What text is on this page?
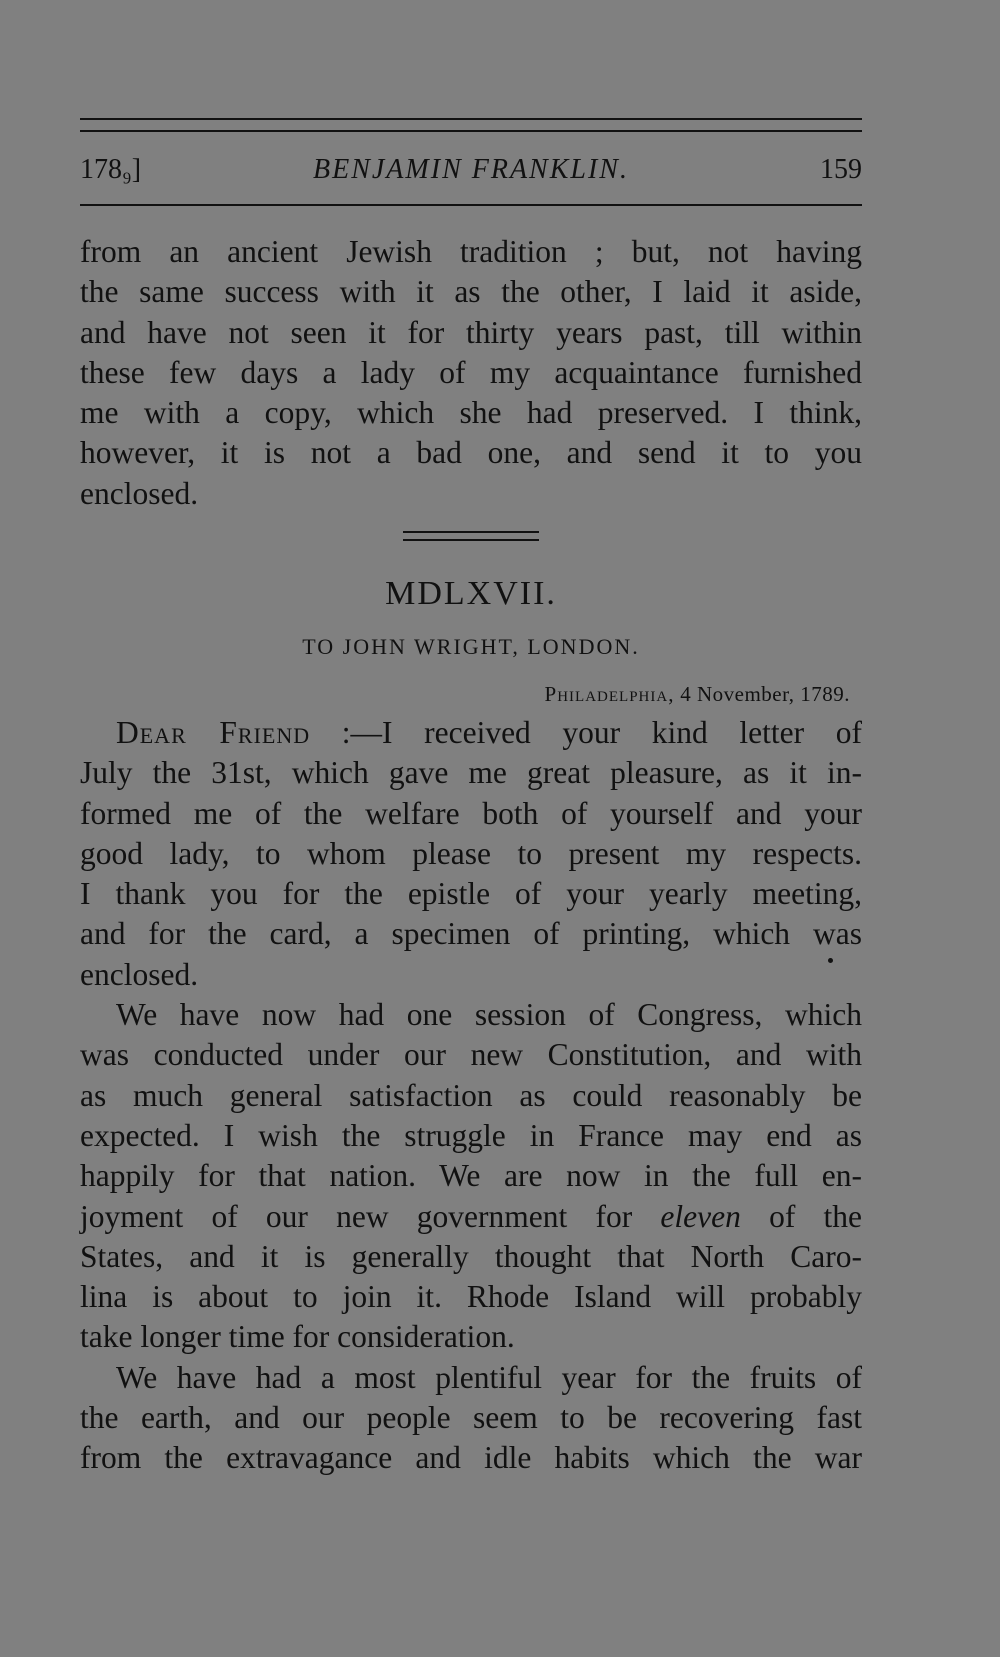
178₉]	BENJAMIN FRANKLIN.	159
from an ancient Jewish tradition ; but, not having
the same success with it as the other, I laid it aside,
and have not seen it for thirty years past, till within
these few days a lady of my acquaintance furnished
me with a copy, which she had preserved. I think,
however, it is not a bad one, and send it to you
enclosed.
MDLXVII.
TO JOHN WRIGHT, LONDON.
Philadelphia, 4 November, 1789.
Dear Friend :—I received your kind letter of
July the 31st, which gave me great pleasure, as it in-
formed me of the welfare both of yourself and your
good lady, to whom please to present my respects.
I thank you for the epistle of your yearly meeting,
and for the card, a specimen of printing, which was
enclosed.
We have now had one session of Congress, which
was conducted under our new Constitution, and with
as much general satisfaction as could reasonably be
expected. I wish the struggle in France may end as
happily for that nation. We are now in the full en-
joyment of our new government for eleven of the
States, and it is generally thought that North Caro-
lina is about to join it. Rhode Island will probably
take longer time for consideration.
We have had a most plentiful year for the fruits of
the earth, and our people seem to be recovering fast
from the extravagance and idle habits which the war
